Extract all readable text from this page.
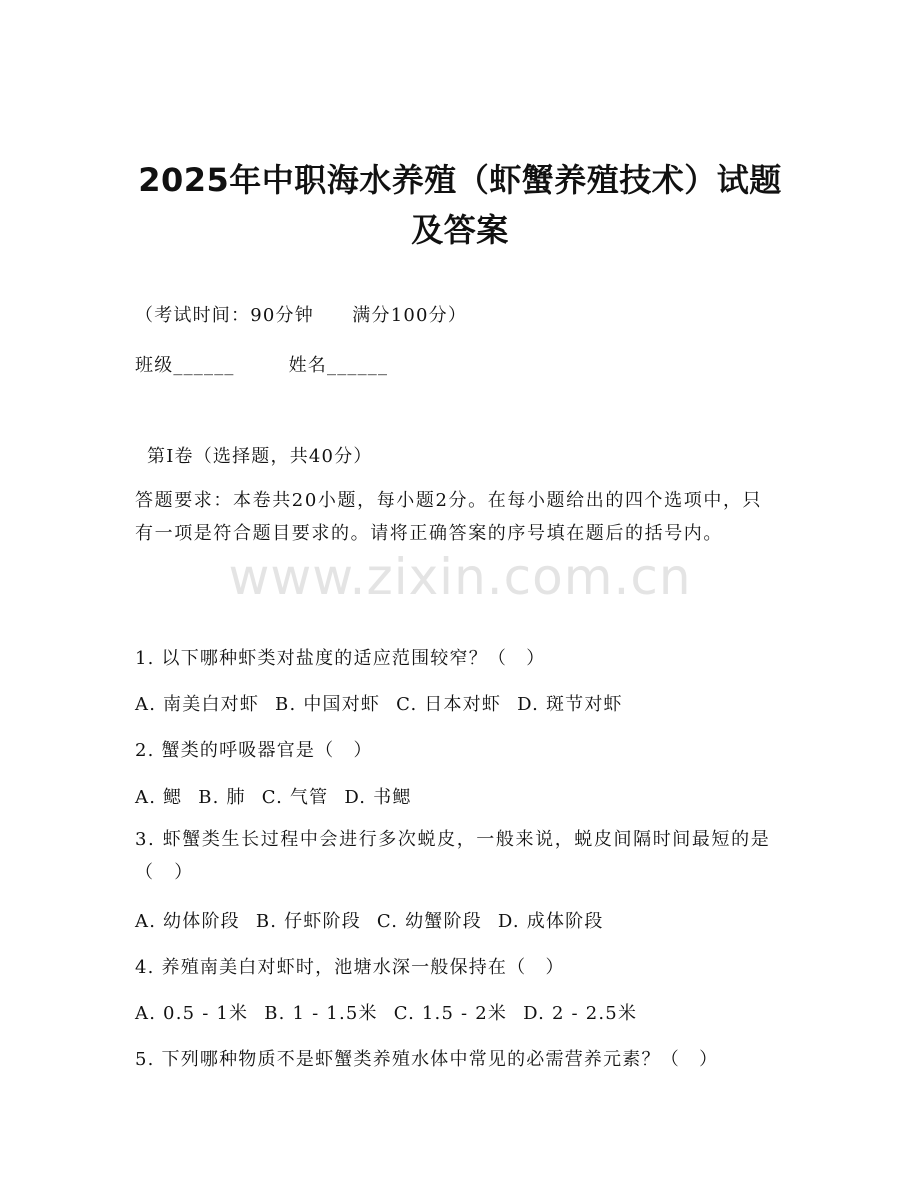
www.zixin.com.cn
2025年中职海水养殖（虾蟹养殖技术）试题
及答案

（考试时间：90分钟　　满分100分）

班级______	姓名______

第Ⅰ卷（选择题，共40分）

答题要求：本卷共20小题，每小题2分。在每小题给出的四个选项中，只有一项是符合题目要求的。请将正确答案的序号填在题后的括号内。

1. 以下哪种虾类对盐度的适应范围较窄？（　）

A. 南美白对虾 B. 中国对虾 C. 日本对虾 D. 斑节对虾

2. 蟹类的呼吸器官是（　）

A. 鳃 B. 肺 C. 气管 D. 书鳃

3. 虾蟹类生长过程中会进行多次蜕皮，一般来说，蜕皮间隔时间最短的是（　）

A. 幼体阶段 B. 仔虾阶段 C. 幼蟹阶段 D. 成体阶段

4. 养殖南美白对虾时，池塘水深一般保持在（　）

A. 0.5 - 1米 B. 1 - 1.5米 C. 1.5 - 2米 D. 2 - 2.5米

5. 下列哪种物质不是虾蟹类养殖水体中常见的必需营养元素？（　）
